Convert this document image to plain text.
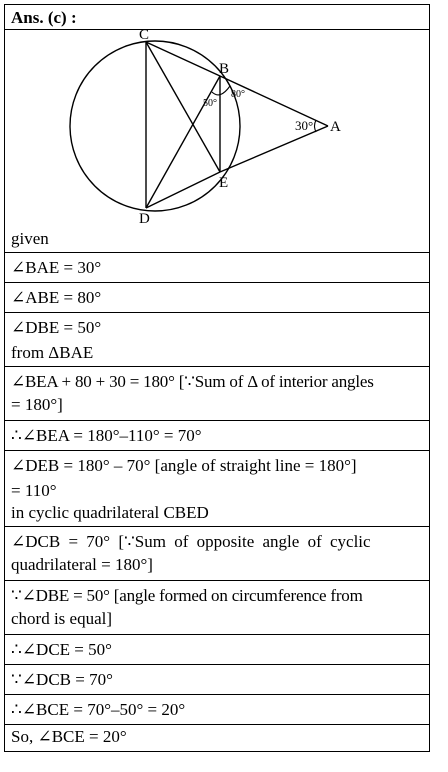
Ans. (c) :
C
B
A
E
D
80°
50°
30°
given
∠BAE = 30°
∠ABE = 80°
∠DBE = 50°
from ΔBAE
∠BEA + 80 + 30 = 180° [∵Sum of Δ of interior angles
= 180°]
∴∠BEA = 180°–110° = 70°
∠DEB = 180° – 70° [angle of straight line = 180°]
= 110°
in cyclic quadrilateral CBED
∠DCB = 70° [∵Sum of opposite angle of cyclic
quadrilateral = 180°]
∵∠DBE = 50° [angle formed on circumference from
chord is equal]
∴∠DCE = 50°
∵∠DCB = 70°
∴∠BCE = 70°–50° = 20°
So, ∠BCE = 20°
